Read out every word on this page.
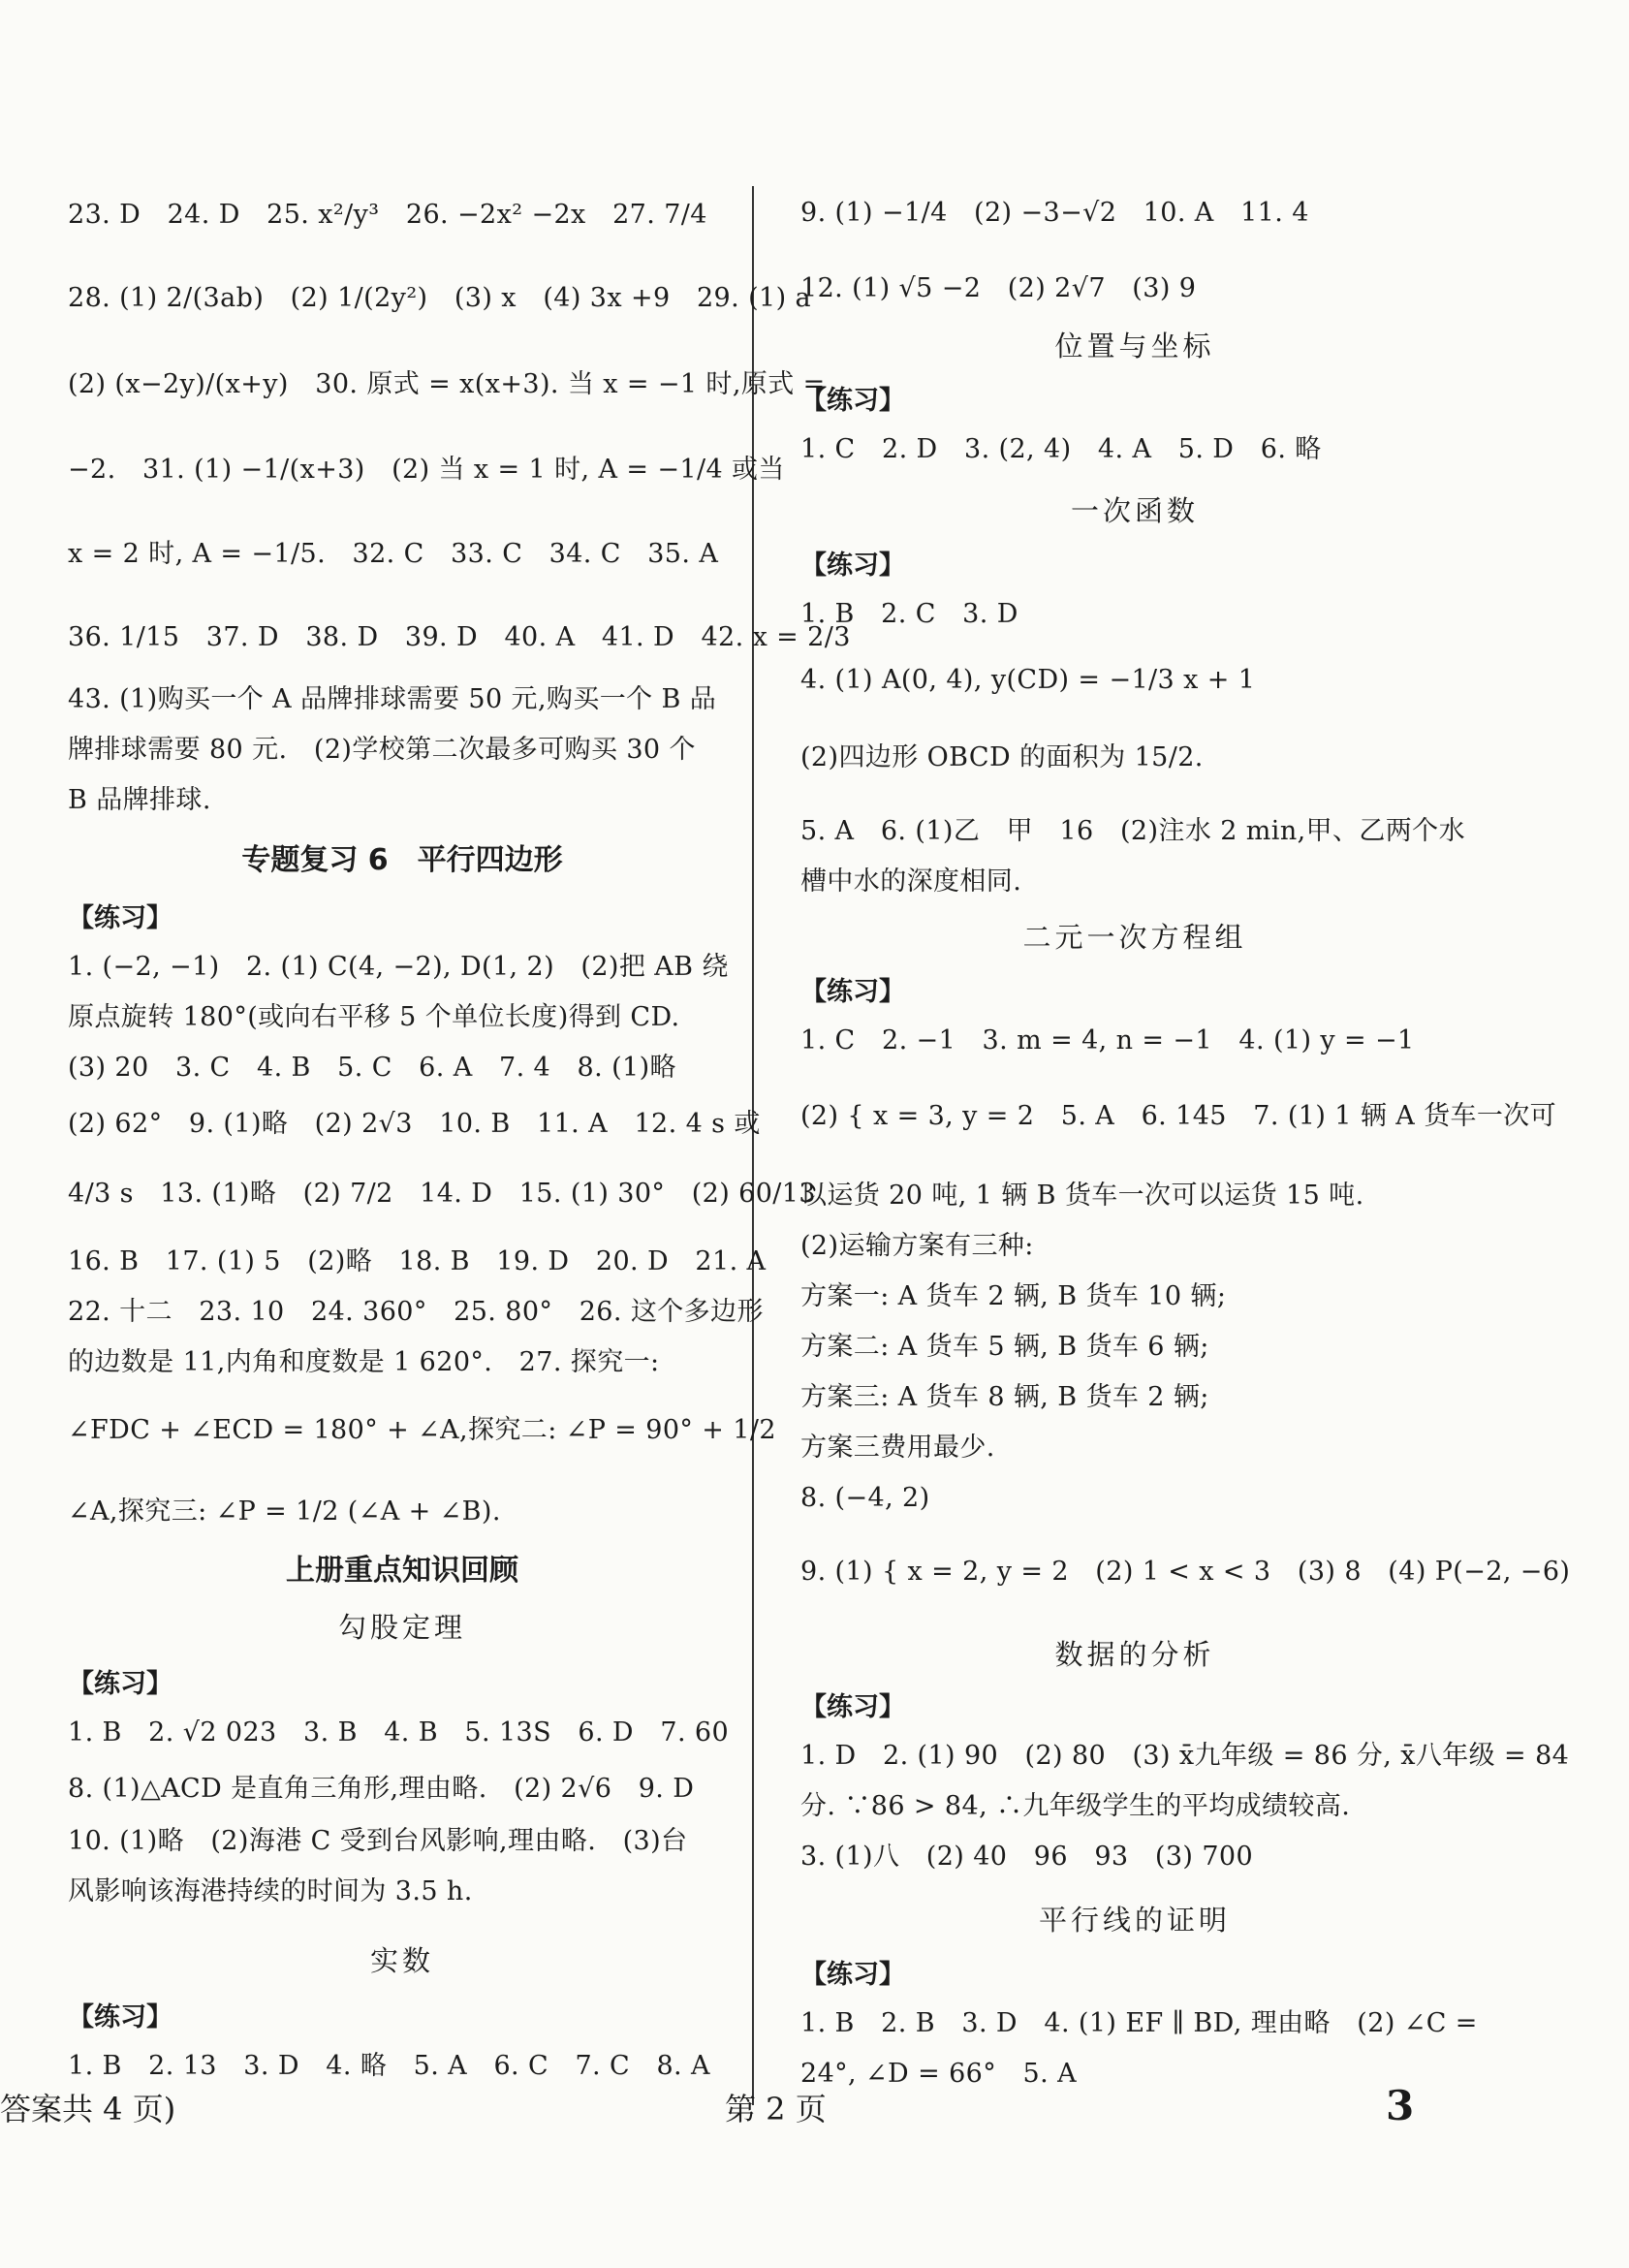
23. D　24. D　25. x²/y³　26. −2x² −2x　27. 7/4
28. (1) 2/(3ab)　(2) 1/(2y²)　(3) x　(4) 3x +9　29. (1) a
(2) (x−2y)/(x+y)　30. 原式 = x(x+3). 当 x = −1 时,原式 =
−2.　31. (1) −1/(x+3)　(2) 当 x = 1 时, A = −1/4 或当
x = 2 时, A = −1/5.　32. C　33. C　34. C　35. A
36. 1/15　37. D　38. D　39. D　40. A　41. D　42. x = 2/3
43. (1)购买一个 A 品牌排球需要 50 元,购买一个 B 品
牌排球需要 80 元.　(2)学校第二次最多可购买 30 个
B 品牌排球.
专题复习 6　平行四边形
【练习】
1. (−2, −1)　2. (1) C(4, −2), D(1, 2)　(2)把 AB 绕
原点旋转 180°(或向右平移 5 个单位长度)得到 CD.
(3) 20　3. C　4. B　5. C　6. A　7. 4　8. (1)略
(2) 62°　9. (1)略　(2) 2√3　10. B　11. A　12. 4 s 或
4/3 s　13. (1)略　(2) 7/2　14. D　15. (1) 30°　(2) 60/13
16. B　17. (1) 5　(2)略　18. B　19. D　20. D　21. A
22. 十二　23. 10　24. 360°　25. 80°　26. 这个多边形
的边数是 11,内角和度数是 1 620°.　27. 探究一:
∠FDC + ∠ECD = 180° + ∠A,探究二: ∠P = 90° + 1/2
∠A,探究三: ∠P = 1/2 (∠A + ∠B).
上册重点知识回顾
勾股定理
【练习】
1. B　2. √2 023　3. B　4. B　5. 13S　6. D　7. 60
8. (1)△ACD 是直角三角形,理由略.　(2) 2√6　9. D
10. (1)略　(2)海港 C 受到台风影响,理由略.　(3)台
风影响该海港持续的时间为 3.5 h.
实数
【练习】
1. B　2. 13　3. D　4. 略　5. A　6. C　7. C　8. A
9. (1) −1/4　(2) −3−√2　10. A　11. 4
12. (1) √5 −2　(2) 2√7　(3) 9
位置与坐标
【练习】
1. C　2. D　3. (2, 4)　4. A　5. D　6. 略
一次函数
【练习】
1. B　2. C　3. D
4. (1) A(0, 4), y(CD) = −1/3 x + 1
(2)四边形 OBCD 的面积为 15/2.
5. A　6. (1)乙　甲　16　(2)注水 2 min,甲、乙两个水
槽中水的深度相同.
二元一次方程组
【练习】
1. C　2. −1　3. m = 4, n = −1　4. (1) y = −1
(2) { x = 3, y = 2　5. A　6. 145　7. (1) 1 辆 A 货车一次可
以运货 20 吨, 1 辆 B 货车一次可以运货 15 吨.
(2)运输方案有三种:
方案一: A 货车 2 辆, B 货车 10 辆;
方案二: A 货车 5 辆, B 货车 6 辆;
方案三: A 货车 8 辆, B 货车 2 辆;
方案三费用最少.
8. (−4, 2)
9. (1) { x = 2, y = 2　(2) 1 < x < 3　(3) 8　(4) P(−2, −6)
数据的分析
【练习】
1. D　2. (1) 90　(2) 80　(3) x̄九年级 = 86 分, x̄八年级 = 84
分. ∵86 > 84, ∴九年级学生的平均成绩较高.
3. (1)八　(2) 40　96　93　(3) 700
平行线的证明
【练习】
1. B　2. B　3. D　4. (1) EF ∥ BD, 理由略　(2) ∠C =
24°, ∠D = 66°　5. A
答案共 4 页)	第 2 页	3
